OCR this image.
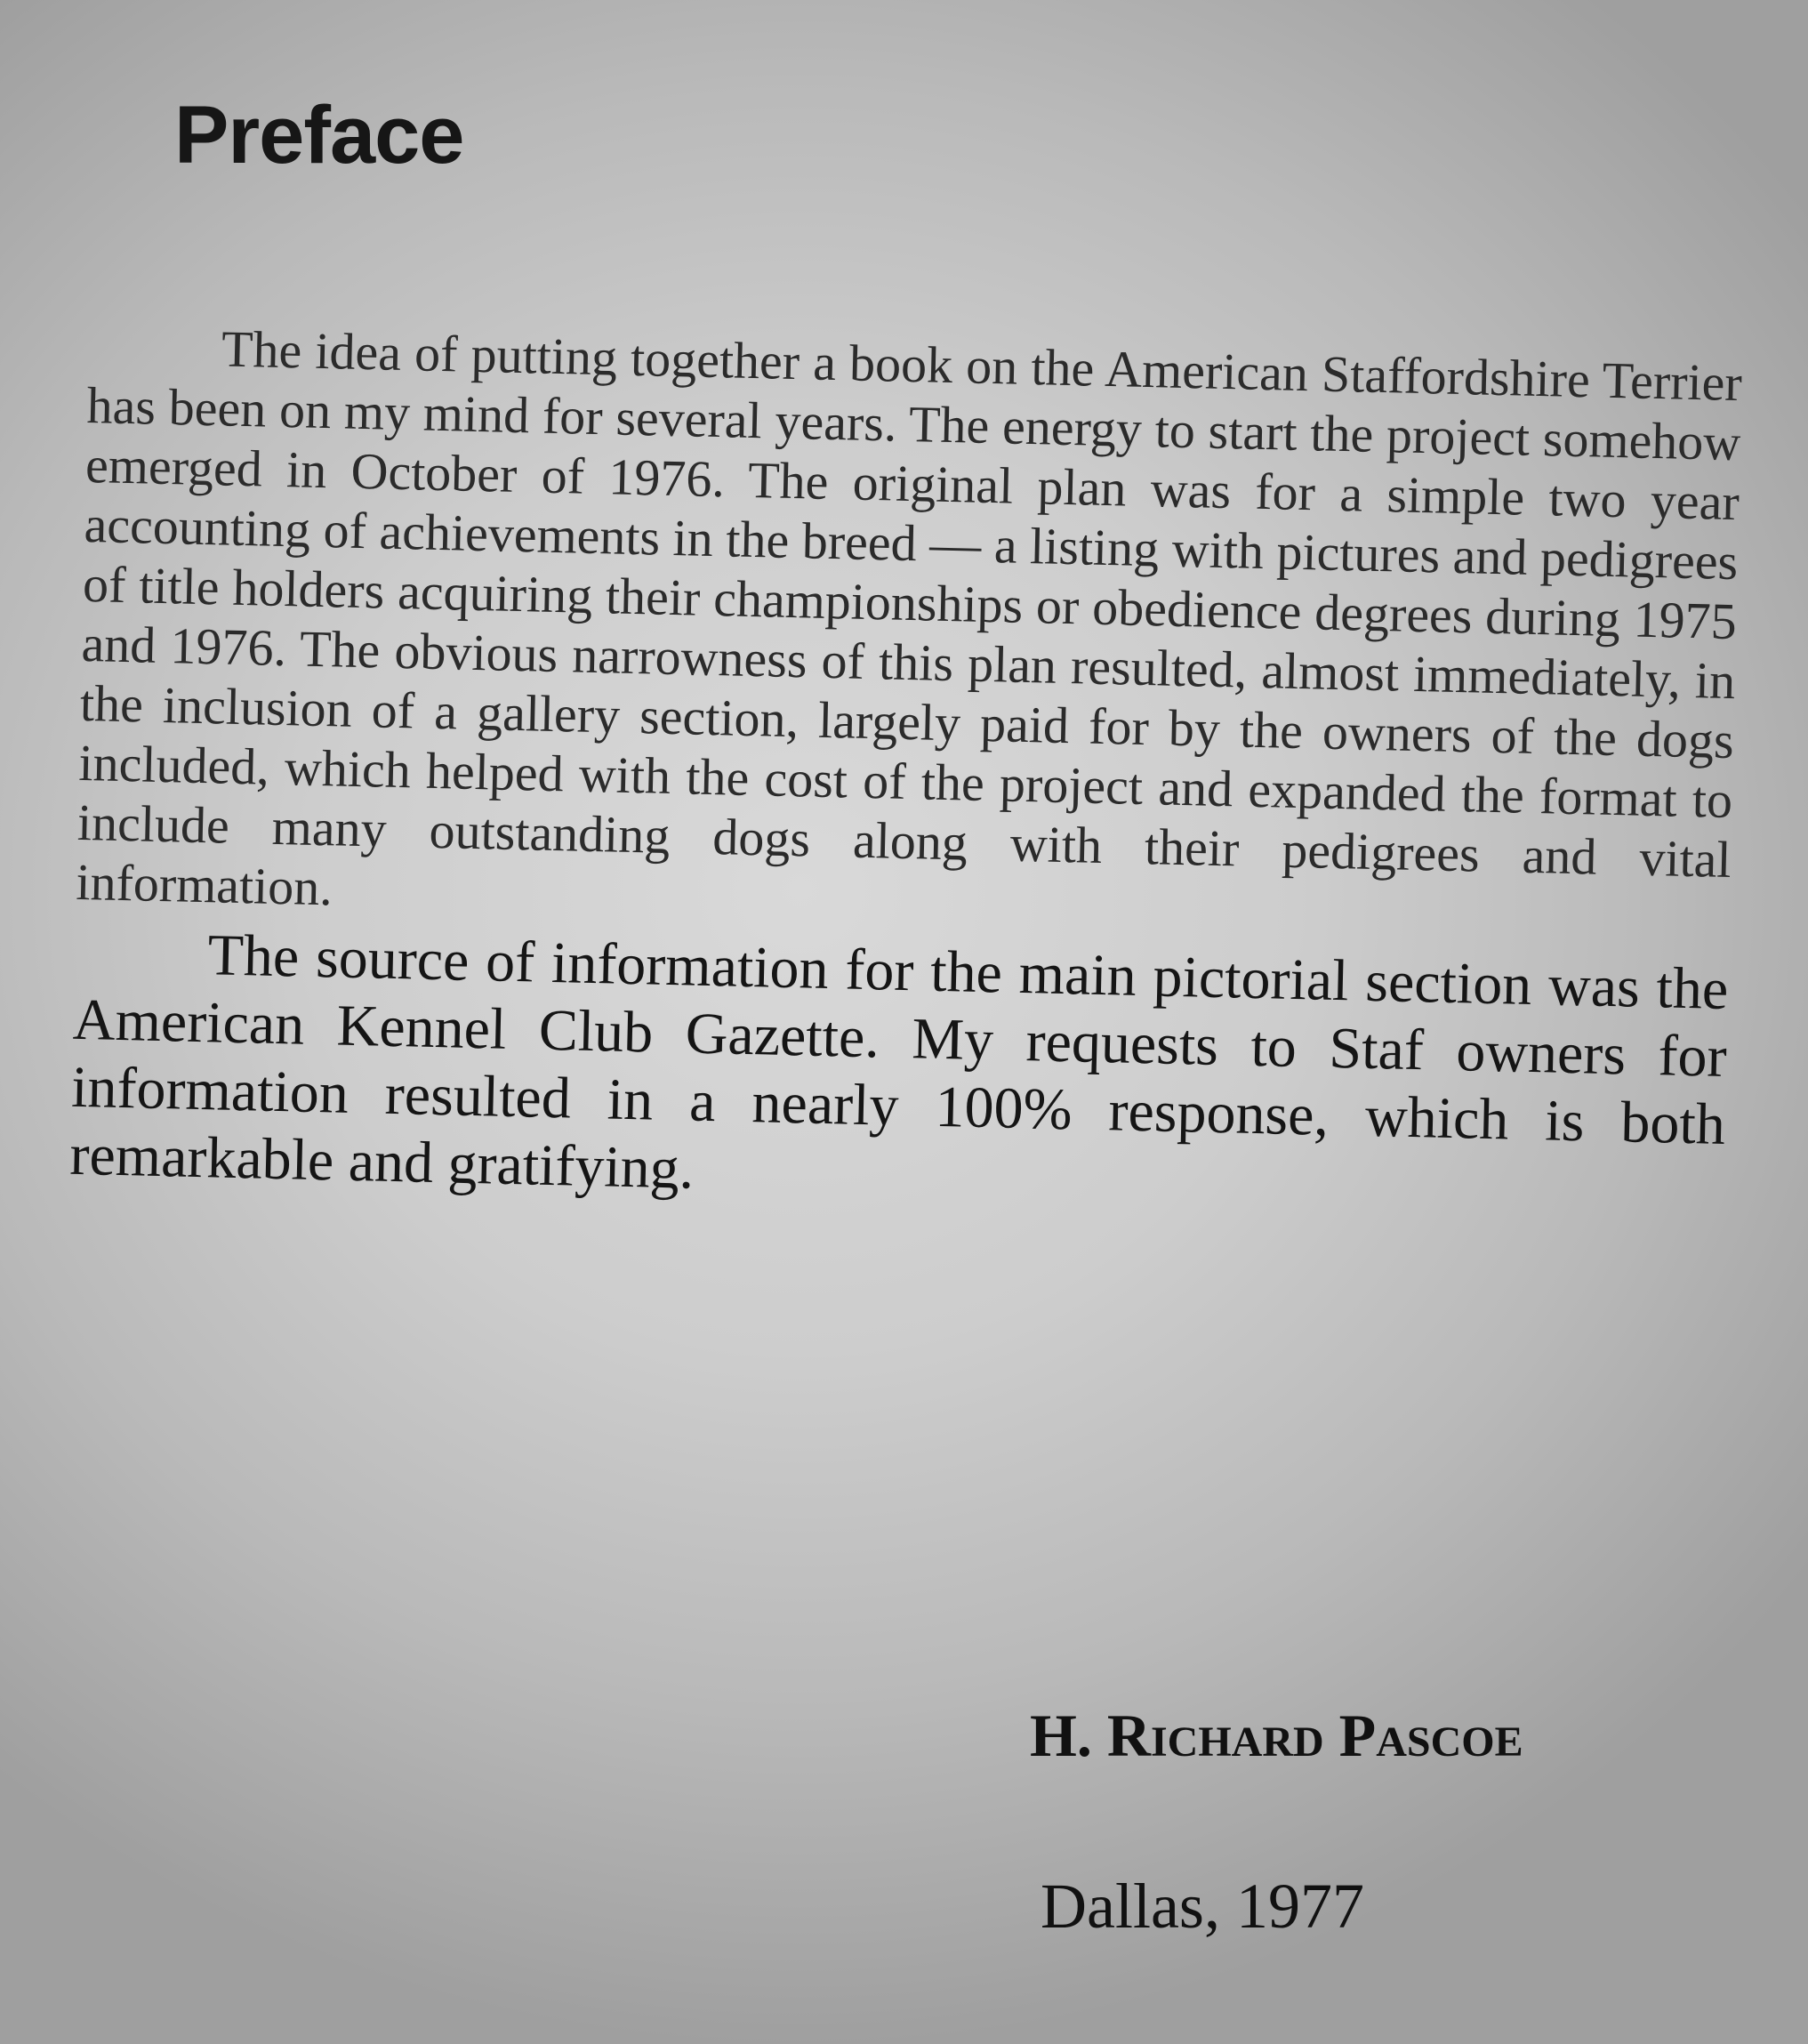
Preface

The idea of putting together a book on the American Staffordshire Terrier has been on my mind for several years. The energy to start the project somehow emerged in October of 1976. The original plan was for a simple two year accounting of achievements in the breed — a listing with pictures and pedigrees of title holders acquiring their championships or obedience degrees during 1975 and 1976. The obvious narrowness of this plan resulted, almost immediately, in the inclusion of a gallery section, largely paid for by the owners of the dogs included, which helped with the cost of the project and expanded the format to include many outstanding dogs along with their pedigrees and vital information.

The source of information for the main pictorial section was the American Kennel Club Gazette. My requests to Staf owners for information resulted in a nearly 100% response, which is both remarkable and gratifying.

H. Richard Pascoe

Dallas, 1977
